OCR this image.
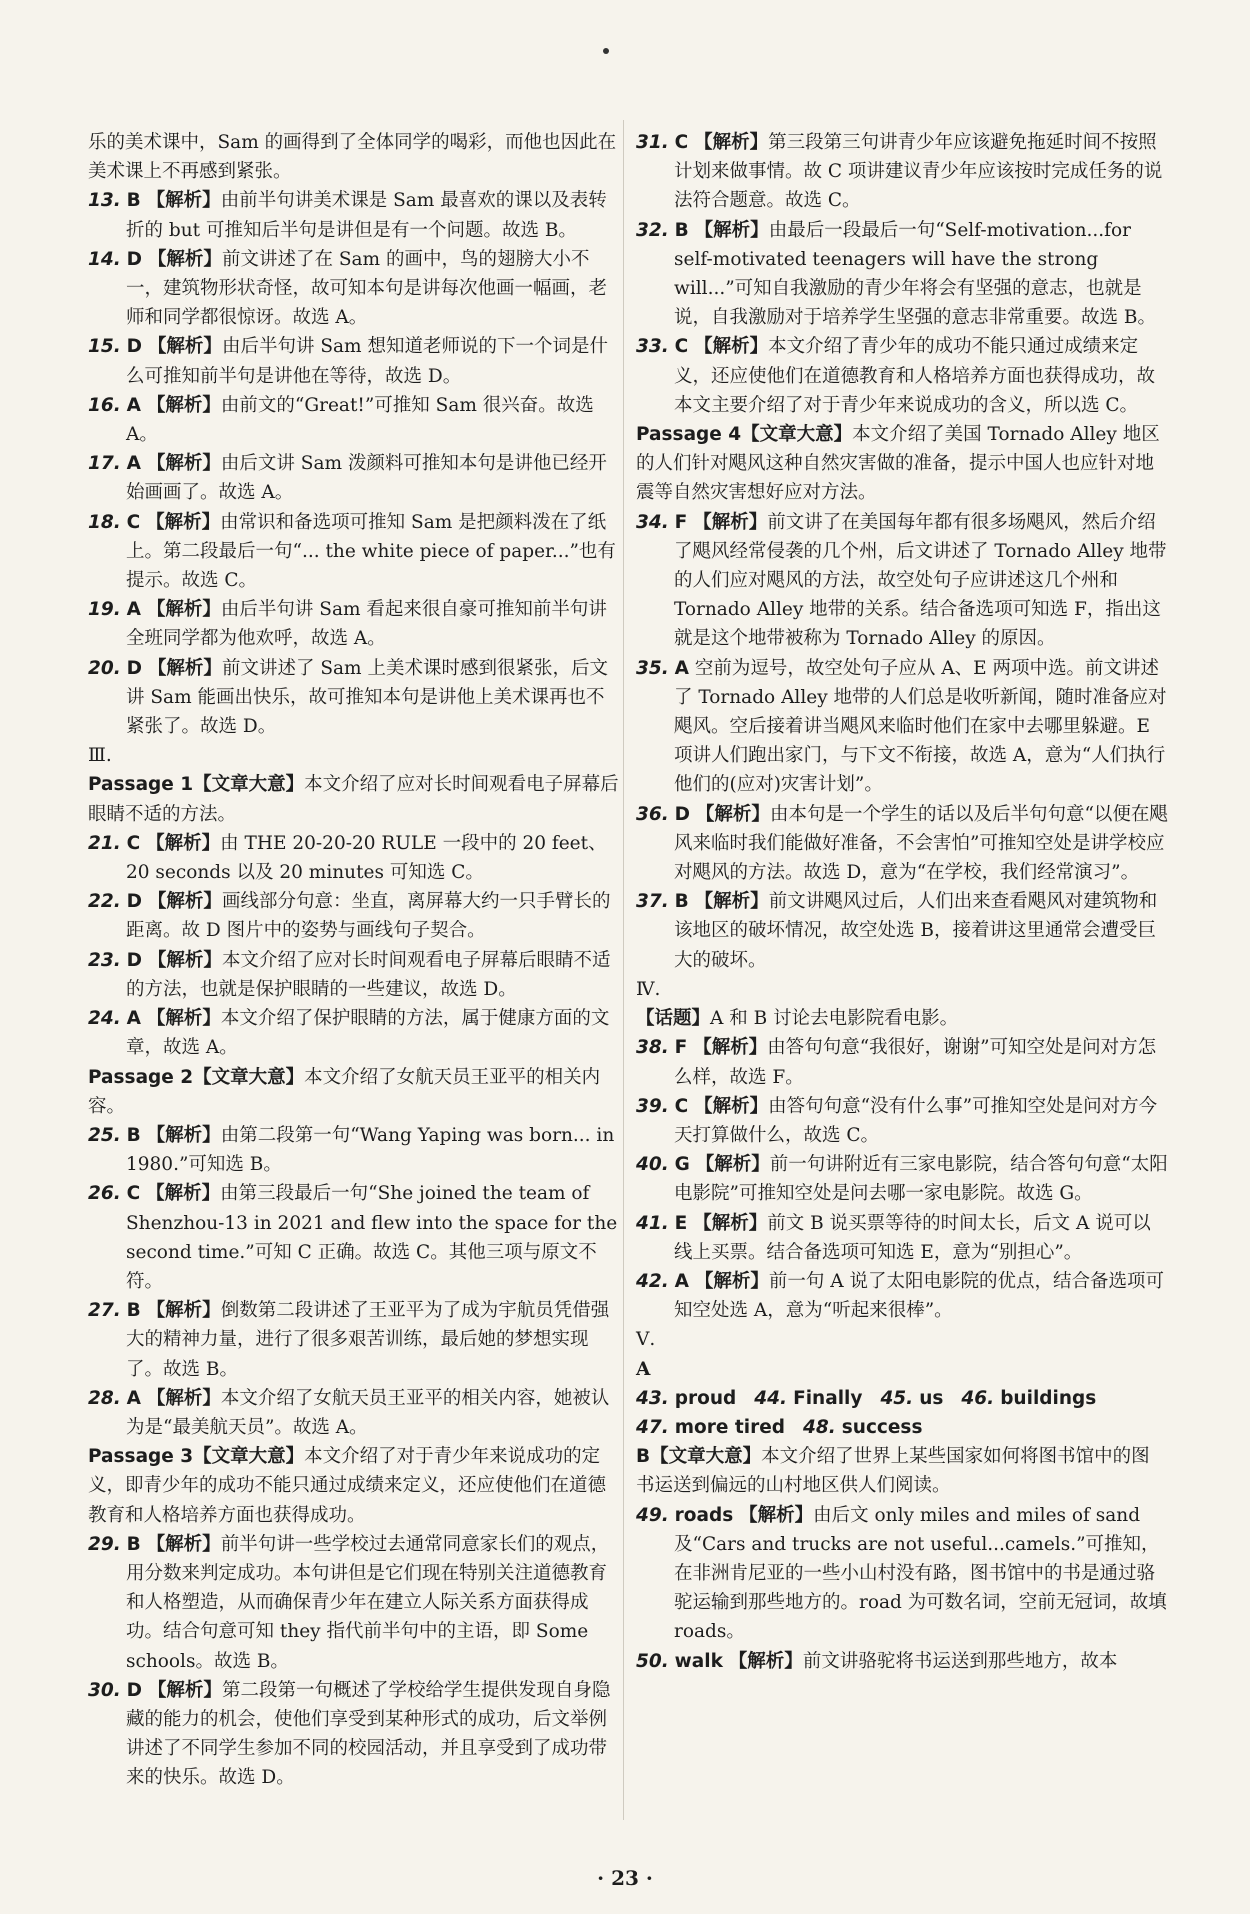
乐的美术课中，Sam 的画得到了全体同学的喝彩，而他也因此在美术课上不再感到紧张。

13. B 【解析】由前半句讲美术课是 Sam 最喜欢的课以及表转折的 but 可推知后半句是讲但是有一个问题。故选 B。

14. D 【解析】前文讲述了在 Sam 的画中，鸟的翅膀大小不一，建筑物形状奇怪，故可知本句是讲每次他画一幅画，老师和同学都很惊讶。故选 A。

15. D 【解析】由后半句讲 Sam 想知道老师说的下一个词是什么可推知前半句是讲他在等待，故选 D。

16. A 【解析】由前文的“Great!”可推知 Sam 很兴奋。故选 A。

17. A 【解析】由后文讲 Sam 泼颜料可推知本句是讲他已经开始画画了。故选 A。

18. C 【解析】由常识和备选项可推知 Sam 是把颜料泼在了纸上。第二段最后一句“... the white piece of paper...”也有提示。故选 C。

19. A 【解析】由后半句讲 Sam 看起来很自豪可推知前半句讲全班同学都为他欢呼，故选 A。

20. D 【解析】前文讲述了 Sam 上美术课时感到很紧张，后文讲 Sam 能画出快乐，故可推知本句是讲他上美术课再也不紧张了。故选 D。

Ⅲ.

Passage 1【文章大意】本文介绍了应对长时间观看电子屏幕后眼睛不适的方法。

21. C 【解析】由 THE 20-20-20 RULE 一段中的 20 feet、20 seconds 以及 20 minutes 可知选 C。

22. D 【解析】画线部分句意：坐直，离屏幕大约一只手臂长的距离。故 D 图片中的姿势与画线句子契合。

23. D 【解析】本文介绍了应对长时间观看电子屏幕后眼睛不适的方法，也就是保护眼睛的一些建议，故选 D。

24. A 【解析】本文介绍了保护眼睛的方法，属于健康方面的文章，故选 A。

Passage 2【文章大意】本文介绍了女航天员王亚平的相关内容。

25. B 【解析】由第二段第一句“Wang Yaping was born... in 1980.”可知选 B。

26. C 【解析】由第三段最后一句“She joined the team of Shenzhou-13 in 2021 and flew into the space for the second time.”可知 C 正确。故选 C。其他三项与原文不符。

27. B 【解析】倒数第二段讲述了王亚平为了成为宇航员凭借强大的精神力量，进行了很多艰苦训练，最后她的梦想实现了。故选 B。

28. A 【解析】本文介绍了女航天员王亚平的相关内容，她被认为是“最美航天员”。故选 A。

Passage 3【文章大意】本文介绍了对于青少年来说成功的定义，即青少年的成功不能只通过成绩来定义，还应使他们在道德教育和人格培养方面也获得成功。

29. B 【解析】前半句讲一些学校过去通常同意家长们的观点，用分数来判定成功。本句讲但是它们现在特别关注道德教育和人格塑造，从而确保青少年在建立人际关系方面获得成功。结合句意可知 they 指代前半句中的主语，即 Some schools。故选 B。

30. D 【解析】第二段第一句概述了学校给学生提供发现自身隐藏的能力的机会，使他们享受到某种形式的成功，后文举例讲述了不同学生参加不同的校园活动，并且享受到了成功带来的快乐。故选 D。

31. C 【解析】第三段第三句讲青少年应该避免拖延时间不按照计划来做事情。故 C 项讲建议青少年应该按时完成任务的说法符合题意。故选 C。

32. B 【解析】由最后一段最后一句“Self-motivation...for self-motivated teenagers will have the strong will...”可知自我激励的青少年将会有坚强的意志，也就是说，自我激励对于培养学生坚强的意志非常重要。故选 B。

33. C 【解析】本文介绍了青少年的成功不能只通过成绩来定义，还应使他们在道德教育和人格培养方面也获得成功，故本文主要介绍了对于青少年来说成功的含义，所以选 C。

Passage 4【文章大意】本文介绍了美国 Tornado Alley 地区的人们针对飓风这种自然灾害做的准备，提示中国人也应针对地震等自然灾害想好应对方法。

34. F 【解析】前文讲了在美国每年都有很多场飓风，然后介绍了飓风经常侵袭的几个州，后文讲述了 Tornado Alley 地带的人们应对飓风的方法，故空处句子应讲述这几个州和 Tornado Alley 地带的关系。结合备选项可知选 F，指出这就是这个地带被称为 Tornado Alley 的原因。

35. A 空前为逗号，故空处句子应从 A、E 两项中选。前文讲述了 Tornado Alley 地带的人们总是收听新闻，随时准备应对飓风。空后接着讲当飓风来临时他们在家中去哪里躲避。E 项讲人们跑出家门，与下文不衔接，故选 A，意为“人们执行他们的(应对)灾害计划”。

36. D 【解析】由本句是一个学生的话以及后半句句意“以便在飓风来临时我们能做好准备，不会害怕”可推知空处是讲学校应对飓风的方法。故选 D，意为“在学校，我们经常演习”。

37. B 【解析】前文讲飓风过后，人们出来查看飓风对建筑物和该地区的破坏情况，故空处选 B，接着讲这里通常会遭受巨大的破坏。

Ⅳ.

【话题】A 和 B 讨论去电影院看电影。

38. F 【解析】由答句句意“我很好，谢谢”可知空处是问对方怎么样，故选 F。

39. C 【解析】由答句句意“没有什么事”可推知空处是问对方今天打算做什么，故选 C。

40. G 【解析】前一句讲附近有三家电影院，结合答句句意“太阳电影院”可推知空处是问去哪一家电影院。故选 G。

41. E 【解析】前文 B 说买票等待的时间太长，后文 A 说可以线上买票。结合备选项可知选 E，意为“别担心”。

42. A 【解析】前一句 A 说了太阳电影院的优点，结合备选项可知空处选 A，意为“听起来很棒”。

Ⅴ.

A

43. proud 44. Finally 45. us 46. buildings

47. more tired 48. success

B【文章大意】本文介绍了世界上某些国家如何将图书馆中的图书运送到偏远的山村地区供人们阅读。

49. roads 【解析】由后文 only miles and miles of sand 及“Cars and trucks are not useful...camels.”可推知，在非洲肯尼亚的一些小山村没有路，图书馆中的书是通过骆驼运输到那些地方的。road 为可数名词，空前无冠词，故填 roads。

50. walk 【解析】前文讲骆驼将书运送到那些地方，故本

· 23 ·
